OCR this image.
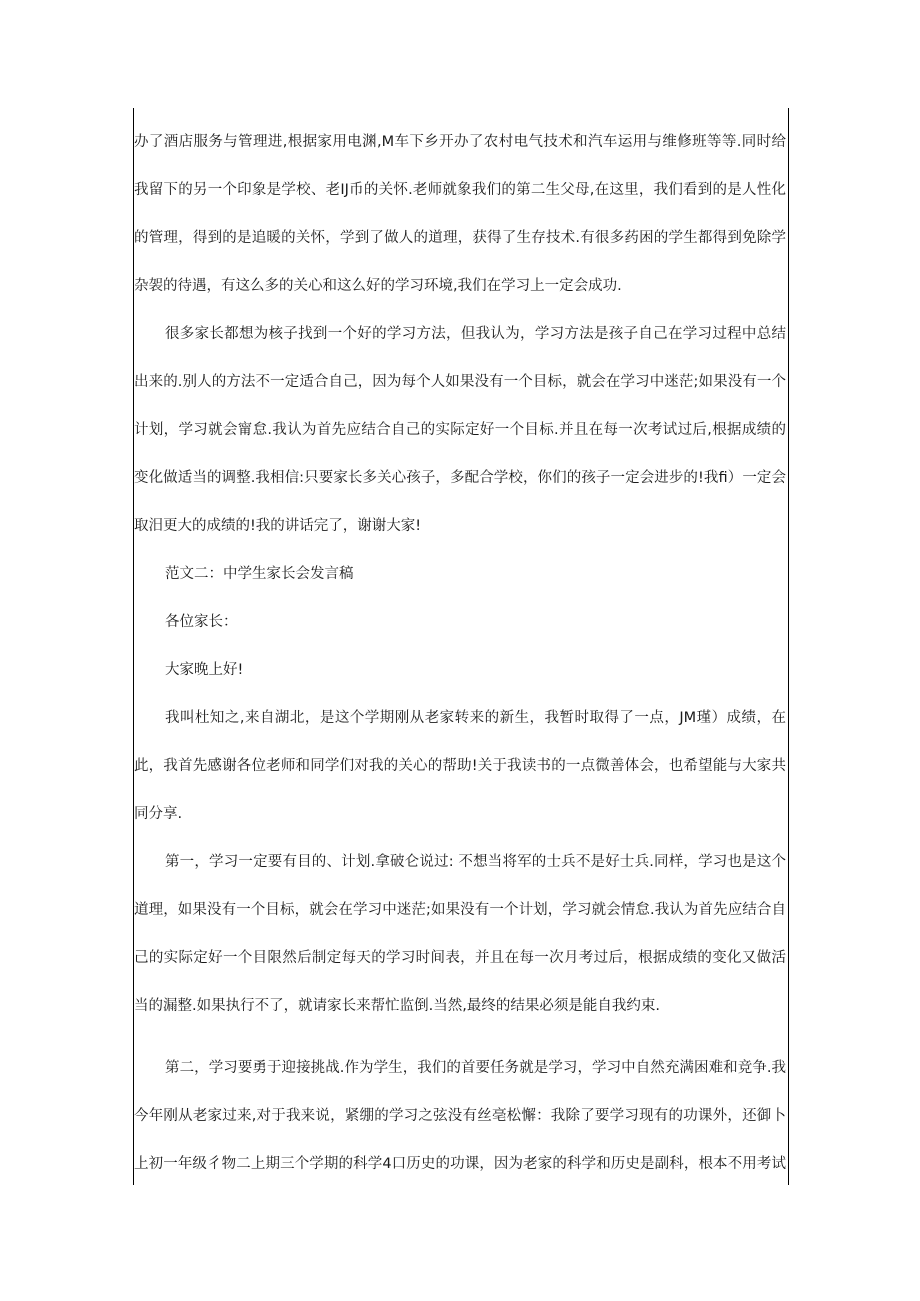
办了酒店服务与管理进,根据家用电渊,M车下乡开办了农村电气技术和汽车运用与维修班等等.同时给
我留下的另一个印象是学校、老IJ币的关怀.老师就象我们的第二生父母,在这里，我们看到的是人性化
的管理，得到的是追暖的关怀，学到了做人的道理，获得了生存技术.有很多药困的学生都得到免除学
杂袈的待遇，有这么多的关心和这么好的学习环境,我们在学习上一定会成功.
很多家长都想为核子找到一个好的学习方法，但我认为，学习方法是孩子自己在学习过程中总结
出来的.别人的方法不一定适合自己，因为每个人如果没有一个目标，就会在学习中迷茫;如果没有一个
计划，学习就会甯怠.我认为首先应结合自己的实际定好一个目标.并且在每一次考试过后,根据成绩的
变化做适当的调整.我相信:只要家长多关心孩子，多配合学校，你们的孩子一定会进步的!我fi）一定会
取汨更大的成绩的!我的讲话完了，谢谢大家!
范文二：中学生家长会发言稿
各位家长：
大家晚上好!
我叫杜知之,来自湖北，是这个学期刚从老家转来的新生，我暂时取得了一点，JM瑾）成绩，在
此，我首先感谢各位老师和同学们对我的关心的帮助!关于我读书的一点微善体会，也希望能与大家共
同分享.
第一，学习一定要有目的、计划.拿破仑说过: 不想当将军的士兵不是好士兵.同样，学习也是这个
道理，如果没有一个目标，就会在学习中迷茫;如果没有一个计划，学习就会情怠.我认为首先应结合自
己的实际定好一个目限然后制定每天的学习时间表，并且在每一次月考过后，根据成绩的变化又做活
当的漏整.如果执行不了，就请家长来帮忙监倒.当然,最终的结果必须是能自我约束.
第二，学习要勇于迎接挑战.作为学生，我们的首要任务就是学习，学习中自然充满困难和竞争.我
今年刚从老家过来,对于我来说，紧绷的学习之弦没有丝亳松懈：我除了要学习现有的功课外，还御卜
上初一年级彳物二上期三个学期的科学4口历史的功课，因为老家的科学和历史是副科，根本不用考试
